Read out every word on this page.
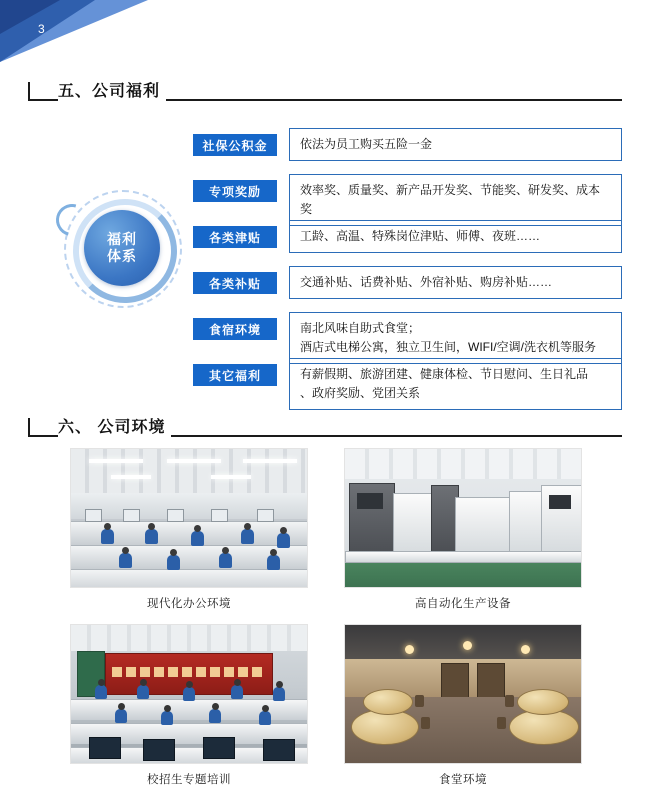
3
五、公司福利
福利
体系
社保公积金	依法为员工购买五险一金
专项奖励	效率奖、质量奖、新产品开发奖、节能奖、研发奖、成本奖
各类津贴	工龄、高温、特殊岗位津贴、师傅、夜班……
各类补贴	交通补贴、话费补贴、外宿补贴、购房补贴……
食宿环境	南北风味自助式食堂；
酒店式电梯公寓，独立卫生间，WIFI/空调/洗衣机等服务
其它福利	有薪假期、旅游团建、健康体检、节日慰问、生日礼品
、政府奖励、党团关系
六、 公司环境
现代化办公环境	高自动化生产设备
校招生专题培训	食堂环境
